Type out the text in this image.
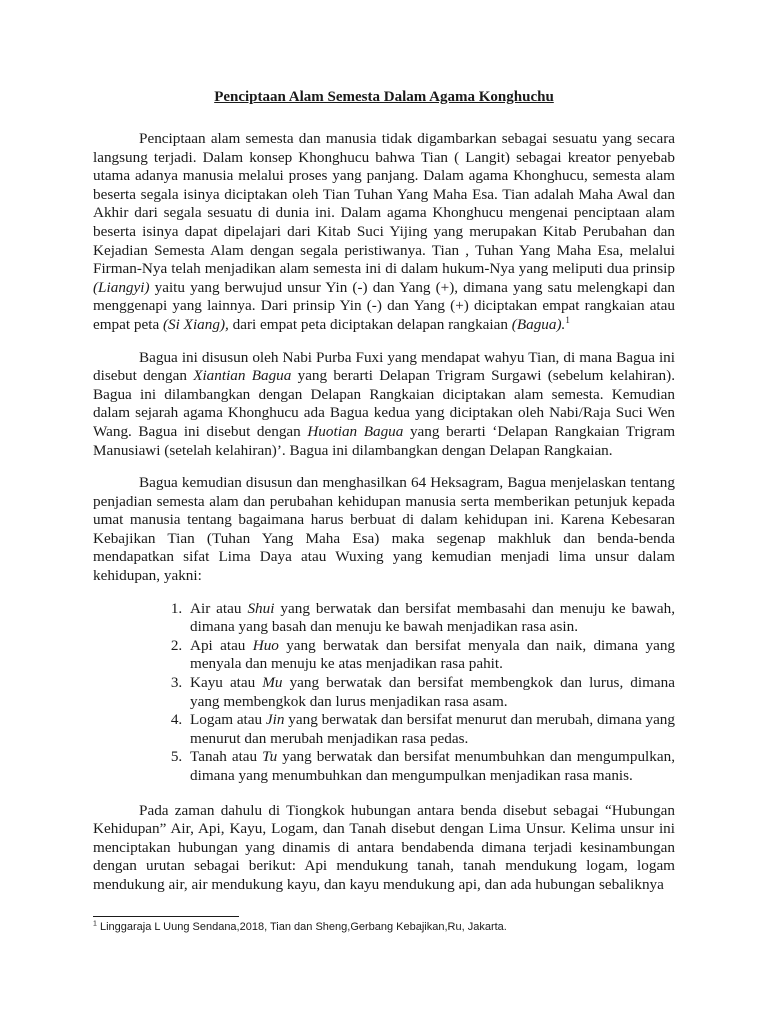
Penciptaan Alam Semesta Dalam Agama Konghuchu

Penciptaan alam semesta dan manusia tidak digambarkan sebagai sesuatu yang secara langsung terjadi. Dalam konsep Khonghucu bahwa Tian ( Langit) sebagai kreator penyebab utama adanya manusia melalui proses yang panjang. Dalam agama Khonghucu, semesta alam beserta segala isinya diciptakan oleh Tian Tuhan Yang Maha Esa. Tian adalah Maha Awal dan Akhir dari segala sesuatu di dunia ini. Dalam agama Khonghucu mengenai penciptaan alam beserta isinya dapat dipelajari dari Kitab Suci Yijing yang merupakan Kitab Perubahan dan Kejadian Semesta Alam dengan segala peristiwanya. Tian , Tuhan Yang Maha Esa, melalui Firman-Nya telah menjadikan alam semesta ini di dalam hukum-Nya yang meliputi dua prinsip (Liangyi) yaitu yang berwujud unsur Yin (-) dan Yang (+), dimana yang satu melengkapi dan menggenapi yang lainnya. Dari prinsip Yin (-) dan Yang (+) diciptakan empat rangkaian atau empat peta (Si Xiang), dari empat peta diciptakan delapan rangkaian (Bagua).$^1$

Bagua ini disusun oleh Nabi Purba Fuxi yang mendapat wahyu Tian, di mana Bagua ini disebut dengan Xiantian Bagua yang berarti Delapan Trigram Surgawi (sebelum kelahiran). Bagua ini dilambangkan dengan Delapan Rangkaian diciptakan alam semesta. Kemudian dalam sejarah agama Khonghucu ada Bagua kedua yang diciptakan oleh Nabi/Raja Suci Wen Wang. Bagua ini disebut dengan Huotian Bagua yang berarti ‘Delapan Rangkaian Trigram Manusiawi (setelah kelahiran)’. Bagua ini dilambangkan dengan Delapan Rangkaian.

Bagua kemudian disusun dan menghasilkan 64 Heksagram, Bagua menjelaskan tentang penjadian semesta alam dan perubahan kehidupan manusia serta memberikan petunjuk kepada umat manusia tentang bagaimana harus berbuat di dalam kehidupan ini. Karena Kebesaran Kebajikan Tian (Tuhan Yang Maha Esa) maka segenap makhluk dan benda-benda mendapatkan sifat Lima Daya atau Wuxing yang kemudian menjadi lima unsur dalam kehidupan, yakni:

1. Air atau Shui yang berwatak dan bersifat membasahi dan menuju ke bawah, dimana yang basah dan menuju ke bawah menjadikan rasa asin.
2. Api atau Huo yang berwatak dan bersifat menyala dan naik, dimana yang menyala dan menuju ke atas menjadikan rasa pahit.
3. Kayu atau Mu yang berwatak dan bersifat membengkok dan lurus, dimana yang membengkok dan lurus menjadikan rasa asam.
4. Logam atau Jin yang berwatak dan bersifat menurut dan merubah, dimana yang menurut dan merubah menjadikan rasa pedas.
5. Tanah atau Tu yang berwatak dan bersifat menumbuhkan dan mengumpulkan, dimana yang menumbuhkan dan mengumpulkan menjadikan rasa manis.

Pada zaman dahulu di Tiongkok hubungan antara benda disebut sebagai “Hubungan Kehidupan” Air, Api, Kayu, Logam, dan Tanah disebut dengan Lima Unsur. Kelima unsur ini menciptakan hubungan yang dinamis di antara bendabenda dimana terjadi kesinambungan dengan urutan sebagai berikut: Api mendukung tanah, tanah mendukung logam, logam mendukung air, air mendukung kayu, dan kayu mendukung api, dan ada hubungan sebaliknya

$^1$ Linggaraja L Uung Sendana,2018, Tian dan Sheng,Gerbang Kebajikan,Ru, Jakarta.
